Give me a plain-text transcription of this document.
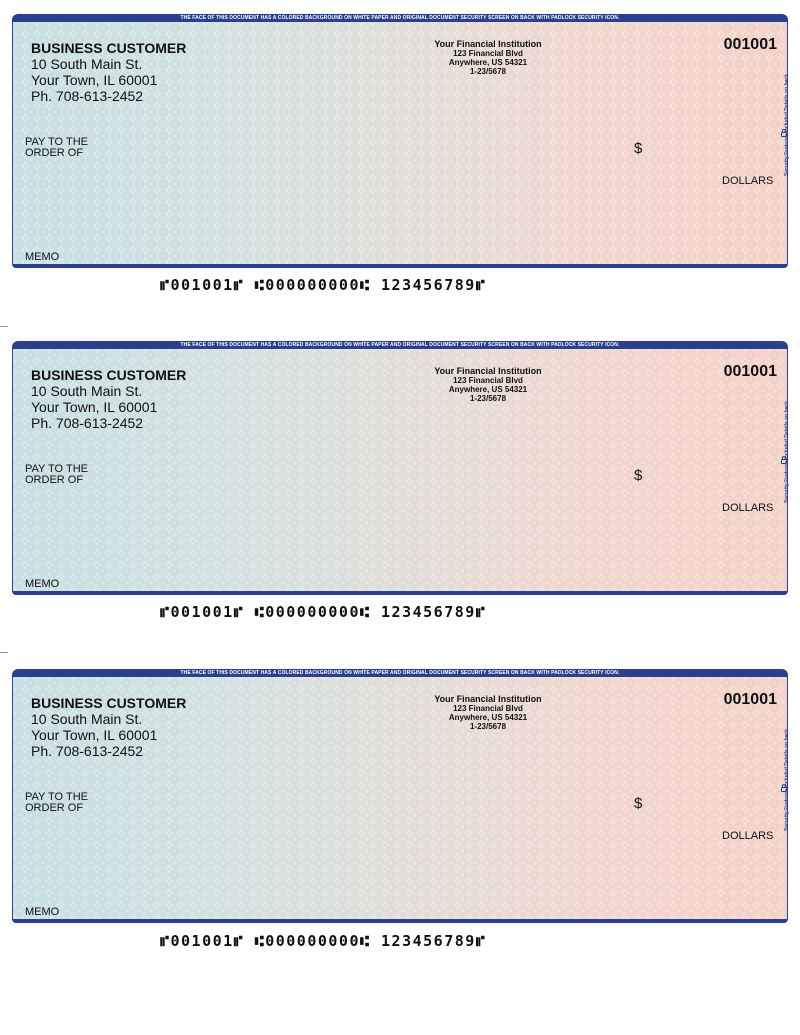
THE FACE OF THIS DOCUMENT HAS A COLORED BACKGROUND ON WHITE PAPER AND ORIGINAL DOCUMENT SECURITY SCREEN ON BACK WITH PADLOCK SECURITY ICON.
BUSINESS CUSTOMER
10 South Main St.
Your Town, IL 60001
Ph. 708-613-2452
Your Financial Institution
123 Financial Blvd
Anywhere, US 54321
1-23/5678
001001
PAY TO THE
ORDER OF	$
DOLLARS
MEMO
Security Features Included Details on back
⑈001001⑈ ⑆000000000⑆ 123456789⑈
THE FACE OF THIS DOCUMENT HAS A COLORED BACKGROUND ON WHITE PAPER AND ORIGINAL DOCUMENT SECURITY SCREEN ON BACK WITH PADLOCK SECURITY ICON.
BUSINESS CUSTOMER
10 South Main St.
Your Town, IL 60001
Ph. 708-613-2452
Your Financial Institution
123 Financial Blvd
Anywhere, US 54321
1-23/5678
001001
PAY TO THE
ORDER OF	$
DOLLARS
MEMO
Security Features Included Details on back
⑈001001⑈ ⑆000000000⑆ 123456789⑈
THE FACE OF THIS DOCUMENT HAS A COLORED BACKGROUND ON WHITE PAPER AND ORIGINAL DOCUMENT SECURITY SCREEN ON BACK WITH PADLOCK SECURITY ICON.
BUSINESS CUSTOMER
10 South Main St.
Your Town, IL 60001
Ph. 708-613-2452
Your Financial Institution
123 Financial Blvd
Anywhere, US 54321
1-23/5678
001001
PAY TO THE
ORDER OF	$
DOLLARS
MEMO
Security Features Included Details on back
⑈001001⑈ ⑆000000000⑆ 123456789⑈
